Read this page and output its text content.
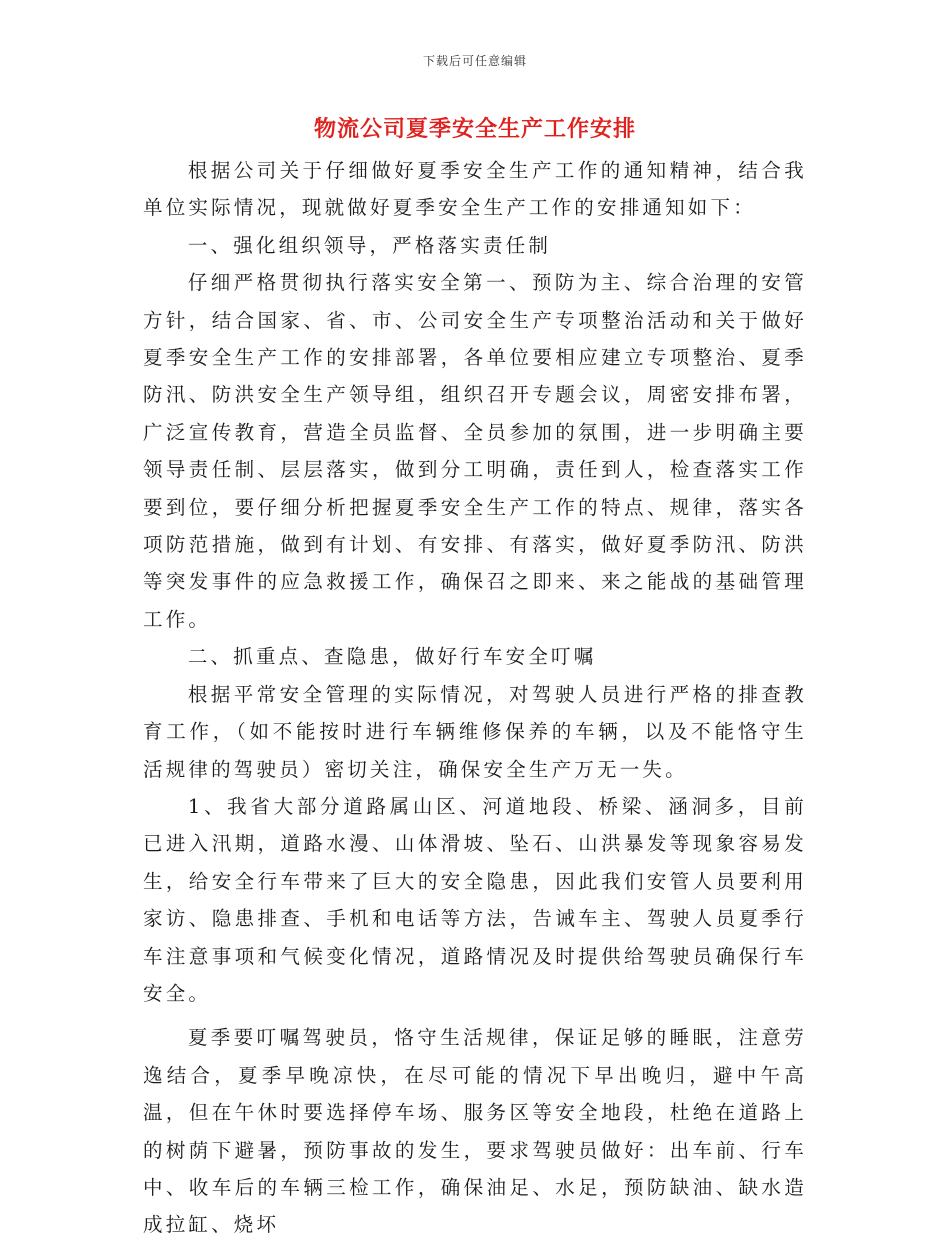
下载后可任意编辑
物流公司夏季安全生产工作安排

根据公司关于仔细做好夏季安全生产工作的通知精神，结合我单位实际情况，现就做好夏季安全生产工作的安排通知如下：

一、强化组织领导，严格落实责任制

仔细严格贯彻执行落实安全第一、预防为主、综合治理的安管方针，结合国家、省、市、公司安全生产专项整治活动和关于做好夏季安全生产工作的安排部署，各单位要相应建立专项整治、夏季防汛、防洪安全生产领导组，组织召开专题会议，周密安排布署，广泛宣传教育，营造全员监督、全员参加的氛围，进一步明确主要领导责任制、层层落实，做到分工明确，责任到人，检查落实工作要到位，要仔细分析把握夏季安全生产工作的特点、规律，落实各项防范措施，做到有计划、有安排、有落实，做好夏季防汛、防洪等突发事件的应急救援工作，确保召之即来、来之能战的基础管理工作。

二、抓重点、查隐患，做好行车安全叮嘱

根据平常安全管理的实际情况，对驾驶人员进行严格的排查教育工作，（如不能按时进行车辆维修保养的车辆，以及不能恪守生活规律的驾驶员）密切关注，确保安全生产万无一失。

1、我省大部分道路属山区、河道地段、桥梁、涵洞多，目前已进入汛期，道路水漫、山体滑坡、坠石、山洪暴发等现象容易发生，给安全行车带来了巨大的安全隐患，因此我们安管人员要利用家访、隐患排查、手机和电话等方法，告诫车主、驾驶人员夏季行车注意事项和气候变化情况，道路情况及时提供给驾驶员确保行车安全。

夏季要叮嘱驾驶员，恪守生活规律，保证足够的睡眠，注意劳逸结合，夏季早晚凉快，在尽可能的情况下早出晚归，避中午高温，但在午休时要选择停车场、服务区等安全地段，杜绝在道路上的树荫下避暑，预防事故的发生，要求驾驶员做好：出车前、行车中、收车后的车辆三检工作，确保油足、水足，预防缺油、缺水造成拉缸、烧坏
